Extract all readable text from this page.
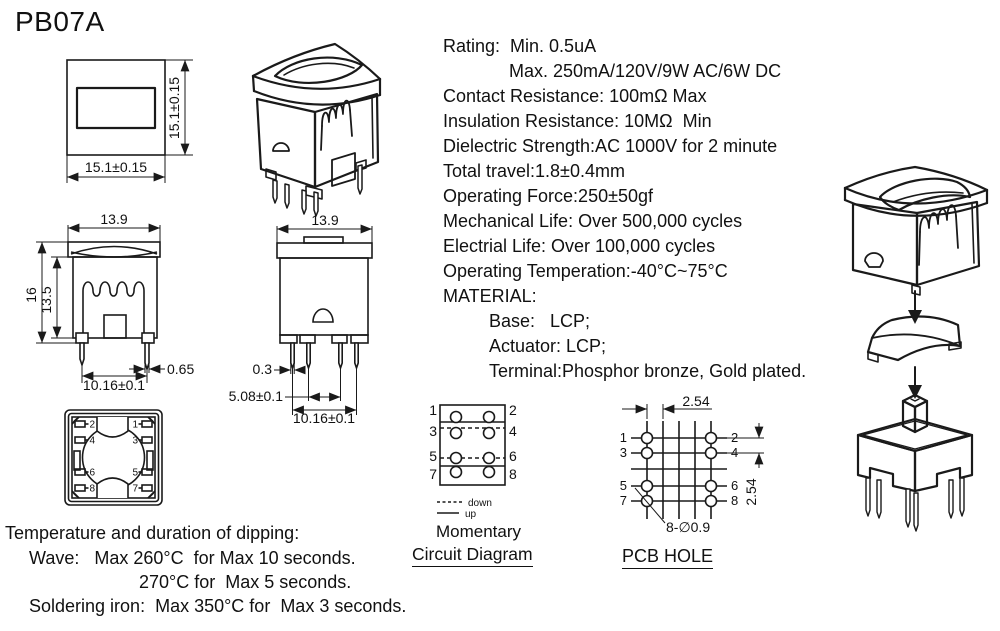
PB07A
15.1±0.15
15.1±0.15
Rating:  Min. 0.5uA
Max. 250mA/120V/9W AC/6W DC
Contact Resistance: 100mΩ Max
Insulation Resistance: 10MΩ  Min
Dielectric Strength:AC 1000V for 2 minute
Total travel:1.8±0.4mm
Operating Force:250±50gf
Mechanical Life: Over 500,000 cycles
Electrial Life: Over 100,000 cycles
Operating Temperation:-40°C~75°C
MATERIAL:
Base:   LCP;
Actuator: LCP;
Terminal:Phosphor bronze, Gold plated.
13.9
16 13.5
0.65
10.16±0.1
13.9
0.3
5.08±0.1
10.16±0.1
2
4
6
8
1
3
5
7
Temperature and duration of dipping:
Wave:   Max 260°C  for Max 10 seconds.
270°C for  Max 5 seconds.
Soldering iron:  Max 350°C for  Max 3 seconds.
1
3
5
7
2
4
6
8
down
up
Momentary
Circuit Diagram
1
3
5
7
2
4
6
8
2.54
2.54
8-∅0.9
PCB HOLE
